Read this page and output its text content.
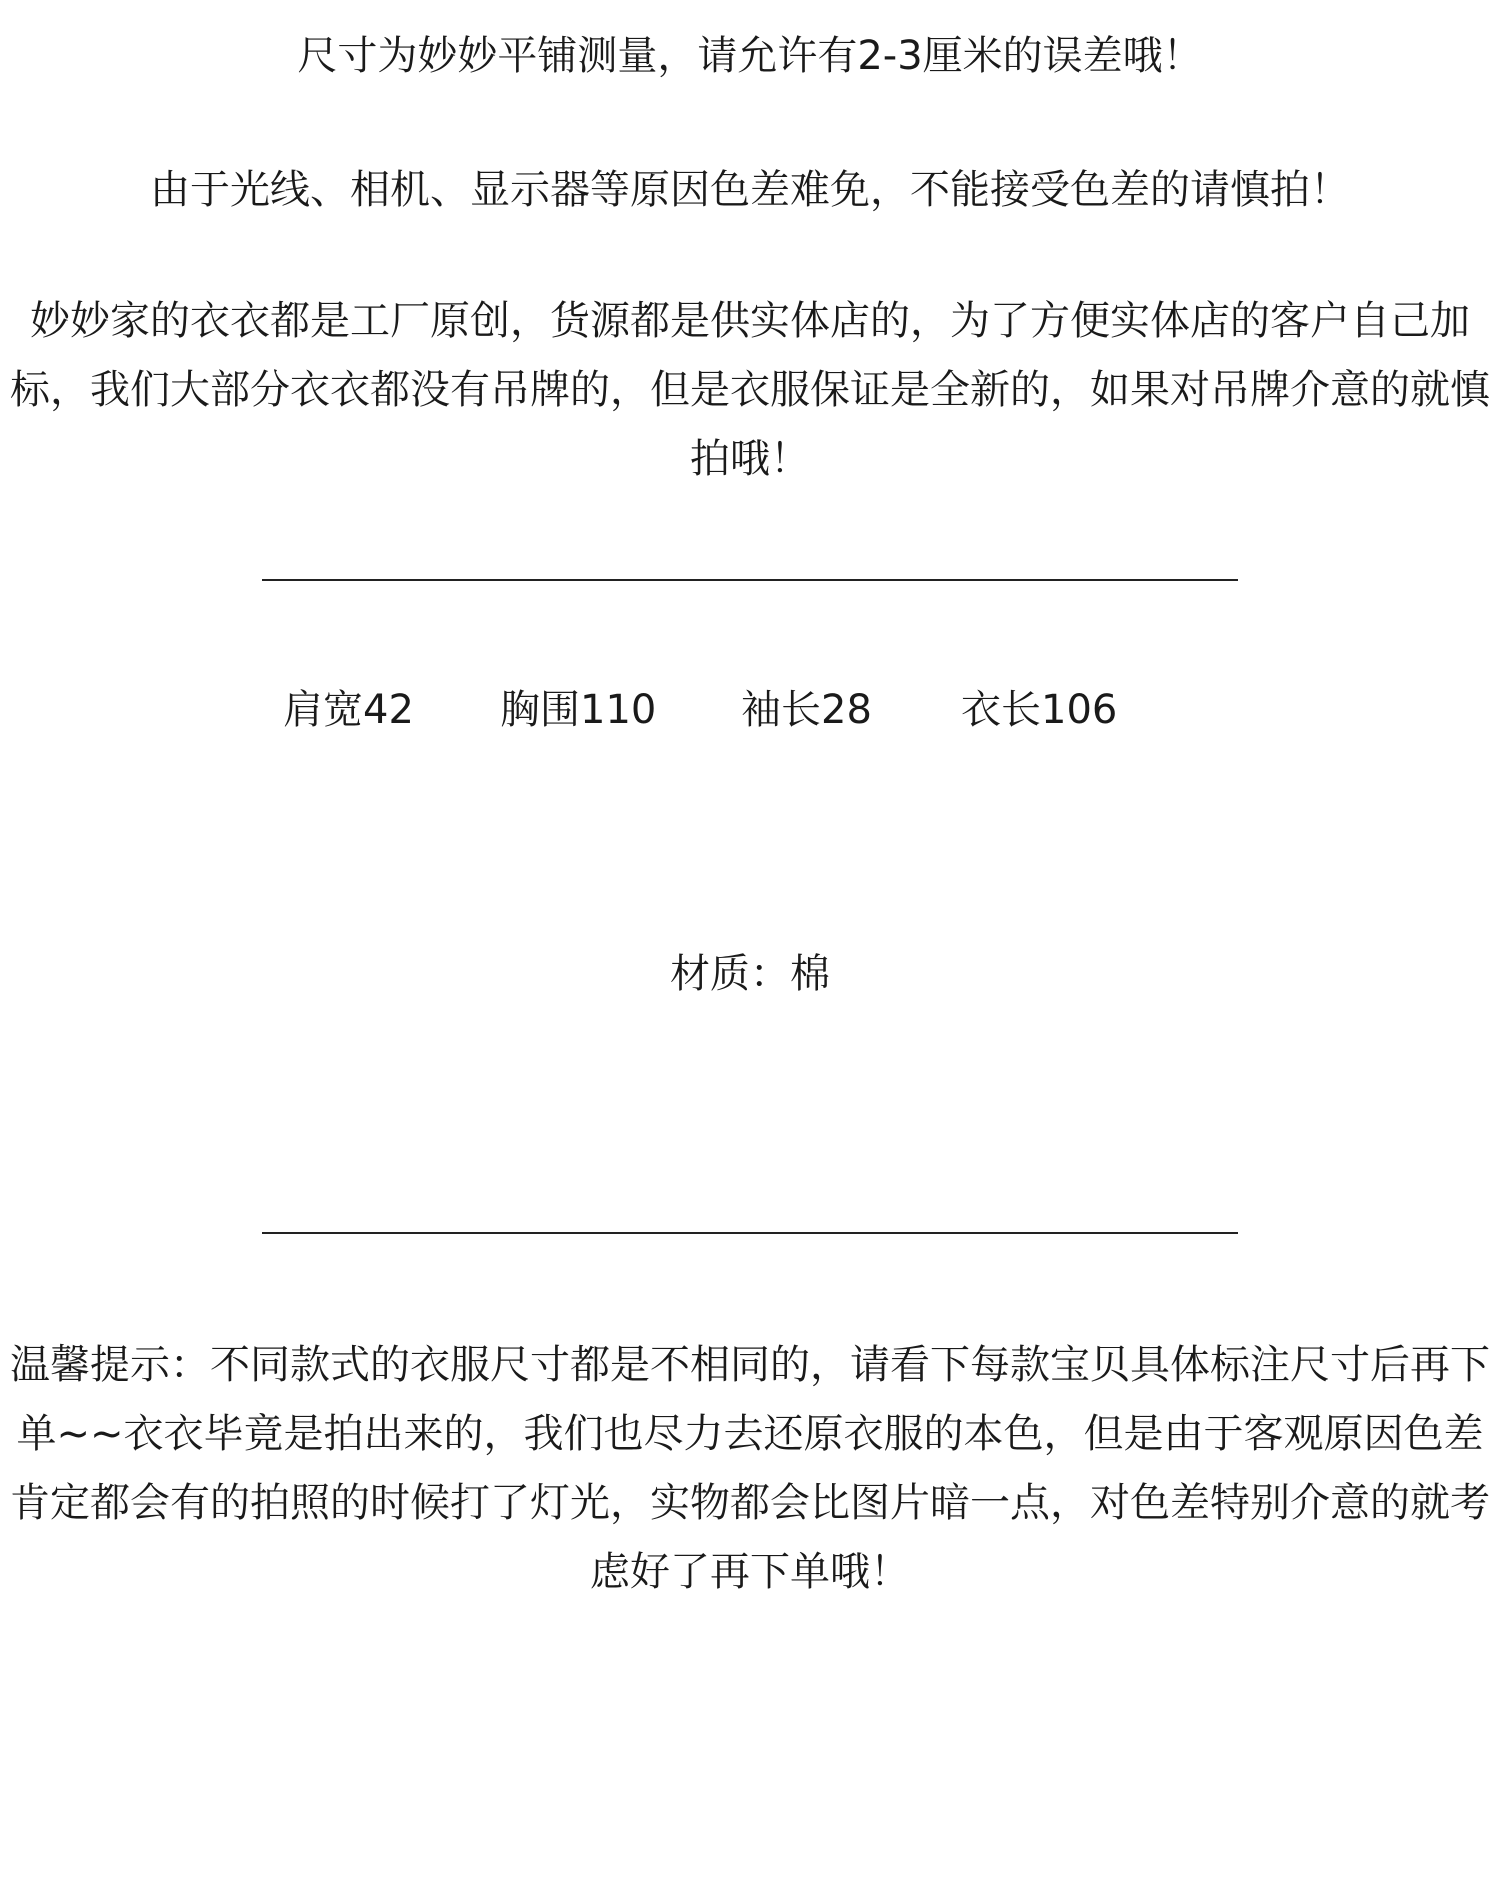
尺寸为妙妙平铺测量，请允许有2-3厘米的误差哦！

由于光线、相机、显示器等原因色差难免，不能接受色差的请慎拍！

妙妙家的衣衣都是工厂原创，货源都是供实体店的，为了方便实体店的客户自己加标，我们大部分衣衣都没有吊牌的，但是衣服保证是全新的，如果对吊牌介意的就慎拍哦！

肩宽42 胸围110 袖长28 衣长106

材质：棉

温馨提示：不同款式的衣服尺寸都是不相同的，请看下每款宝贝具体标注尺寸后再下单~~衣衣毕竟是拍出来的，我们也尽力去还原衣服的本色，但是由于客观原因色差肯定都会有的拍照的时候打了灯光，实物都会比图片暗一点，对色差特别介意的就考虑好了再下单哦！
